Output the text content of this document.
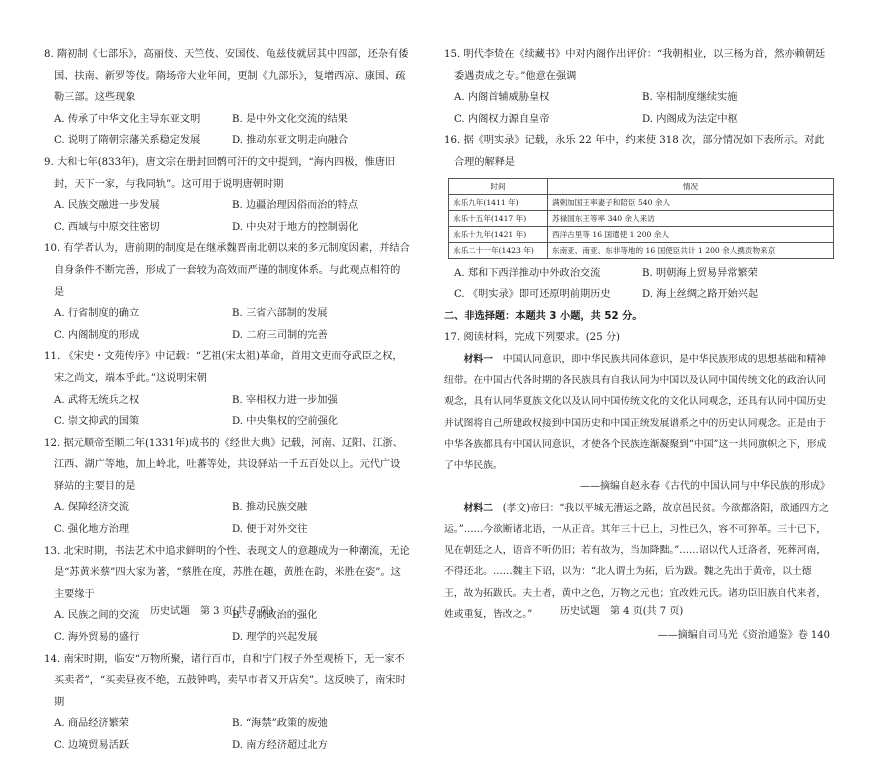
8. 隋初制《七部乐》，高丽伎、天竺伎、安国伎、龟兹伎就居其中四部，还杂有倭国、扶南、新罗等伎。隋场帝大业年间，更制《九部乐》，复增西凉、康国、疏勒三部。这些现象

A. 传承了中华文化主导东亚文明	B. 是中外文化交流的结果
C. 说明了隋朝宗藩关系稳定发展	D. 推动东亚文明走向融合

9. 大和七年(833年)，唐文宗在册封回鹘可汗的文中提到，“海内四极，惟唐旧封，天下一家，与我同轨”。这可用于说明唐朝时期

A. 民族交融进一步发展	B. 边疆治理因俗而治的特点
C. 西域与中原交往密切	D. 中央对于地方的控制弱化

10. 有学者认为，唐前期的制度是在继承魏晋南北朝以来的多元制度因素，并结合自身条件不断完善，形成了一套较为高效而严谨的制度体系。与此观点相符的是

A. 行省制度的确立	B. 三省六部制的发展
C. 内阁制度的形成	D. 二府三司制的完善

11. 《宋史・文苑传序》中记载：“艺祖(宋太祖)革命，首用文吏而夺武臣之权，宋之尚文，端本乎此。”这说明宋朝

A. 武将无统兵之权	B. 宰相权力进一步加强
C. 崇文抑武的国策	D. 中央集权的空前强化

12. 据元顺帝至顺二年(1331年)成书的《经世大典》记载，河南、辽阳、江浙、江西、湖广等地，加上岭北，吐蕃等处，共设驿站一千五百处以上。元代广设驿站的主要目的是

A. 保障经济交流	B. 推动民族交融
C. 强化地方治理	D. 便于对外交往

13. 北宋时期，书法艺术中追求鲜明的个性、表现文人的意趣成为一种潮流，无论是“苏黄米蔡”四大家为著，“蔡胜在度，苏胜在趣，黄胜在韵，米胜在姿”。这主要缘于

A. 民族之间的交流	B. 专制政治的强化
C. 海外贸易的盛行	D. 理学的兴起发展

14. 南宋时期，临安“万物所聚，诸行百市，自和宁门杈子外至观桥下，无一家不买卖者”，“买卖昼夜不绝，五鼓钟鸣，卖早市者又开店矣”。这反映了，南宋时期

A. 商品经济繁荣	B. “海禁”政策的废弛
C. 边境贸易活跃	D. 南方经济超过北方

15. 明代李贽在《续藏书》中对内阁作出评价：“我朝相业，以三杨为首，然亦赖朝廷委遇责成之专。”他意在强调

A. 内阁首辅威胁皇权	B. 宰相制度继续实施
C. 内阁权力源自皇帝	D. 内阁成为法定中枢

16. 据《明实录》记载，永乐 22 年中，约来使 318 次，部分情况如下表所示。对此合理的解释是

时间	情况
永乐九年(1411 年)	满剌加国王率妻子和陪臣 540 余人
永乐十五年(1417 年)	苏禄国东王等率 340 余人来访
永乐十九年(1421 年)	西洋古里等 16 国遣使 1 200 余人
永乐二十一年(1423 年)	东南亚、南亚、东非等地的 16 国使臣共计 1 200 余人携贡物来京
A. 郑和下西洋推动中外政治交流	B. 明朝海上贸易异常繁荣
C. 《明实录》即可还原明前期历史	D. 海上丝绸之路开始兴起
二、非选择题：本题共 3 小题，共 52 分。

17. 阅读材料，完成下列要求。(25 分)

材料一　 中国认同意识，即中华民族共同体意识，是中华民族形成的思想基础和精神纽带。在中国古代各时期的各民族具有自我认同为中国以及认同中国传统文化的政治认同观念，具有认同华夏族文化以及认同中国传统文化的文化认同观念，还具有认同中国历史并试图将自己所建政权接到中国历史和中国正统发展谱系之中的历史认同观念。正是由于中华各族都具有中国认同意识，才使各个民族连渐凝聚到“中国”这一共同旗帜之下，形成了中华民族。

——摘编自赵永春《古代的中国认同与中华民族的形成》

材料二　 (孝文)帝曰：“我以平城无漕运之路，故京邑民贫。今欲都洛阳，欲通四方之运。”……今欲断诸北语，一从正音。其年三十已上，习性已久，容不可猝革。三十已下，见在朝廷之人，语音不听仍旧；若有故为，当加降黜。”……诏以代人迁洛者，死葬河南，不得还北。……魏主下诏，以为：“北人谓土为拓，后为跋。魏之先出于黄帝，以土德王，故为拓跋氏。夫土者，黄中之色，万物之元也；宜改姓元氏。诸功臣旧族自代来者，姓或重复，皆改之。”

——摘编自司马光《资治通鉴》卷 140
历史试题　第 3 页(共 7 页)	历史试题　第 4 页(共 7 页)
